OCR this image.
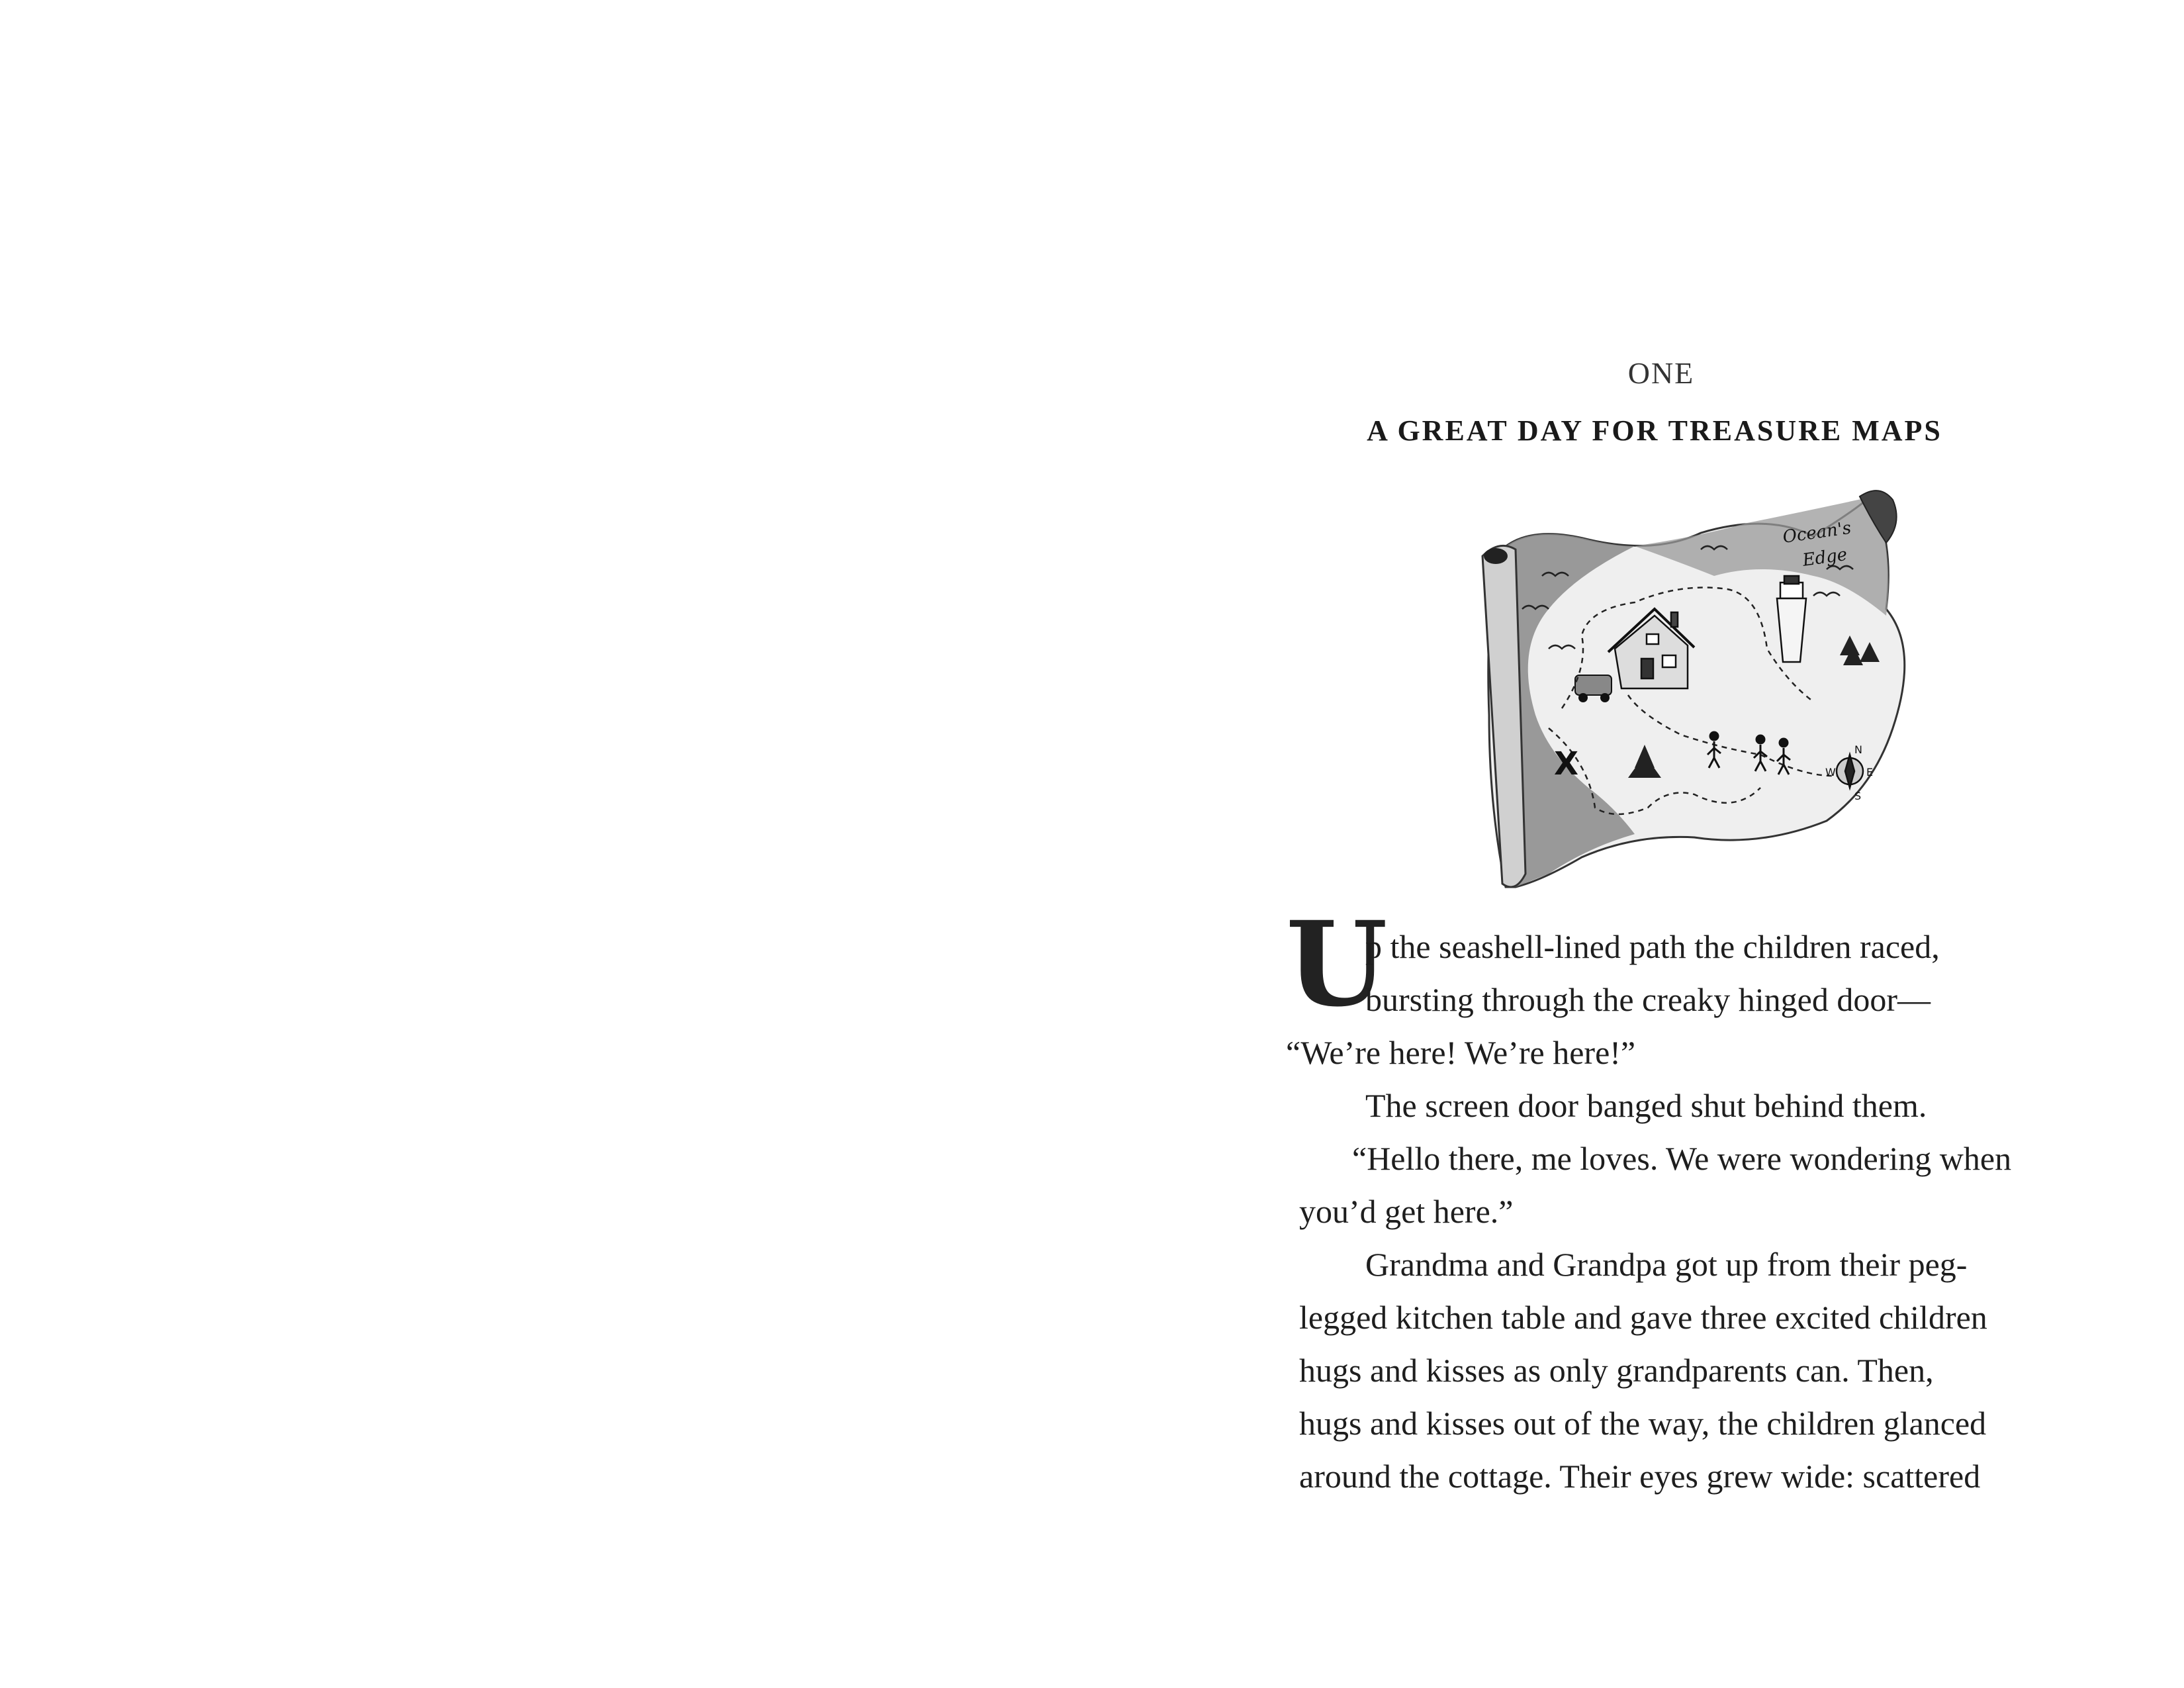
ONE
A GREAT DAY FOR TREASURE MAPS
Ocean's
Edge
X	N
E
S
W
U
p the seashell-lined path the children raced,
bursting through the creaky hinged door—
“We’re here! We’re here!”
The screen door banged shut behind them.
“Hello there, me loves. We were wondering when
you’d get here.”
Grandma and Grandpa got up from their peg-
legged kitchen table and gave three excited children
hugs and kisses as only grandparents can. Then,
hugs and kisses out of the way, the children glanced
around the cottage. Their eyes grew wide: scattered
